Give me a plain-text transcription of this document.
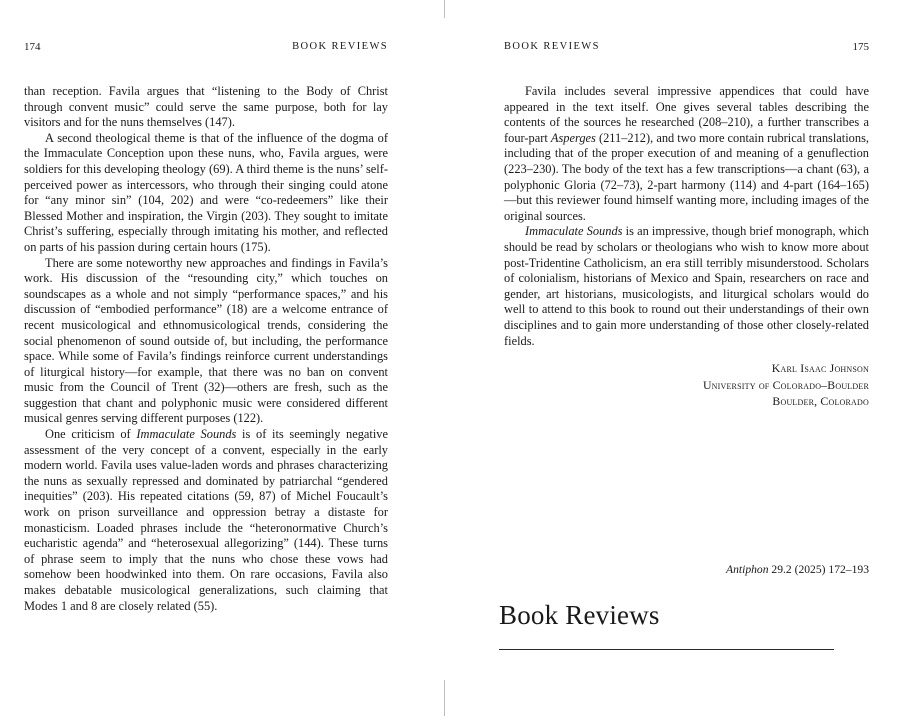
174	BOOK REVIEWS

than reception. Favila argues that “listening to the Body of Christ through convent music” could serve the same purpose, both for lay visitors and for the nuns themselves (147).

A second theological theme is that of the influence of the dogma of the Immaculate Conception upon these nuns, who, Favila argues, were soldiers for this developing theology (69). A third theme is the nuns’ self-perceived power as intercessors, who through their singing could atone for “any minor sin” (104, 202) and were “co-redeemers” like their Blessed Mother and inspiration, the Virgin (203). They sought to imitate Christ’s suffering, especially through imitating his mother, and reflected on parts of his passion during certain hours (175).

There are some noteworthy new approaches and findings in Favila’s work. His discussion of the “resounding city,” which touches on soundscapes as a whole and not simply “performance spaces,” and his discussion of “embodied performance” (18) are a welcome entrance of recent musicological and ethnomusicological trends, considering the social phenomenon of sound outside of, but including, the performance space. While some of Favila’s findings reinforce current understandings of liturgical history—for example, that there was no ban on convent music from the Council of Trent (32)—others are fresh, such as the suggestion that chant and polyphonic music were considered different musical genres serving different purposes (122).

One criticism of Immaculate Sounds is of its seemingly negative assessment of the very concept of a convent, especially in the early modern world. Favila uses value-laden words and phrases characterizing the nuns as sexually repressed and dominated by patriarchal “gendered inequities” (203). His repeated citations (59, 87) of Michel Foucault’s work on prison surveillance and oppression betray a distaste for monasticism. Loaded phrases include the “heteronormative Church’s eucharistic agenda” and “heterosexual allegorizing” (144). These turns of phrase seem to imply that the nuns who chose these vows had somehow been hoodwinked into them. On rare occasions, Favila also makes debatable musicological generalizations, such claiming that Modes 1 and 8 are closely related (55).

BOOK REVIEWS	175

Favila includes several impressive appendices that could have appeared in the text itself. One gives several tables describing the contents of the sources he researched (208–210), a further transcribes a four-part Asperges (211–212), and two more contain rubrical translations, including that of the proper execution of and meaning of a genuflection (223–230). The body of the text has a few transcriptions—a chant (63), a polyphonic Gloria (72–73), 2-part harmony (114) and 4-part (164–165)—but this reviewer found himself wanting more, including images of the original sources.

Immaculate Sounds is an impressive, though brief monograph, which should be read by scholars or theologians who wish to know more about post-Tridentine Catholicism, an era still terribly misunderstood. Scholars of colonialism, historians of Mexico and Spain, researchers on race and gender, art historians, musicologists, and liturgical scholars would do well to attend to this book to round out their understandings of their own disciplines and to gain more understanding of those other closely-related fields.

Karl Isaac Johnson
University of Colorado–Boulder
Boulder, Colorado
Antiphon 29.2 (2025) 172–193
Book Reviews
